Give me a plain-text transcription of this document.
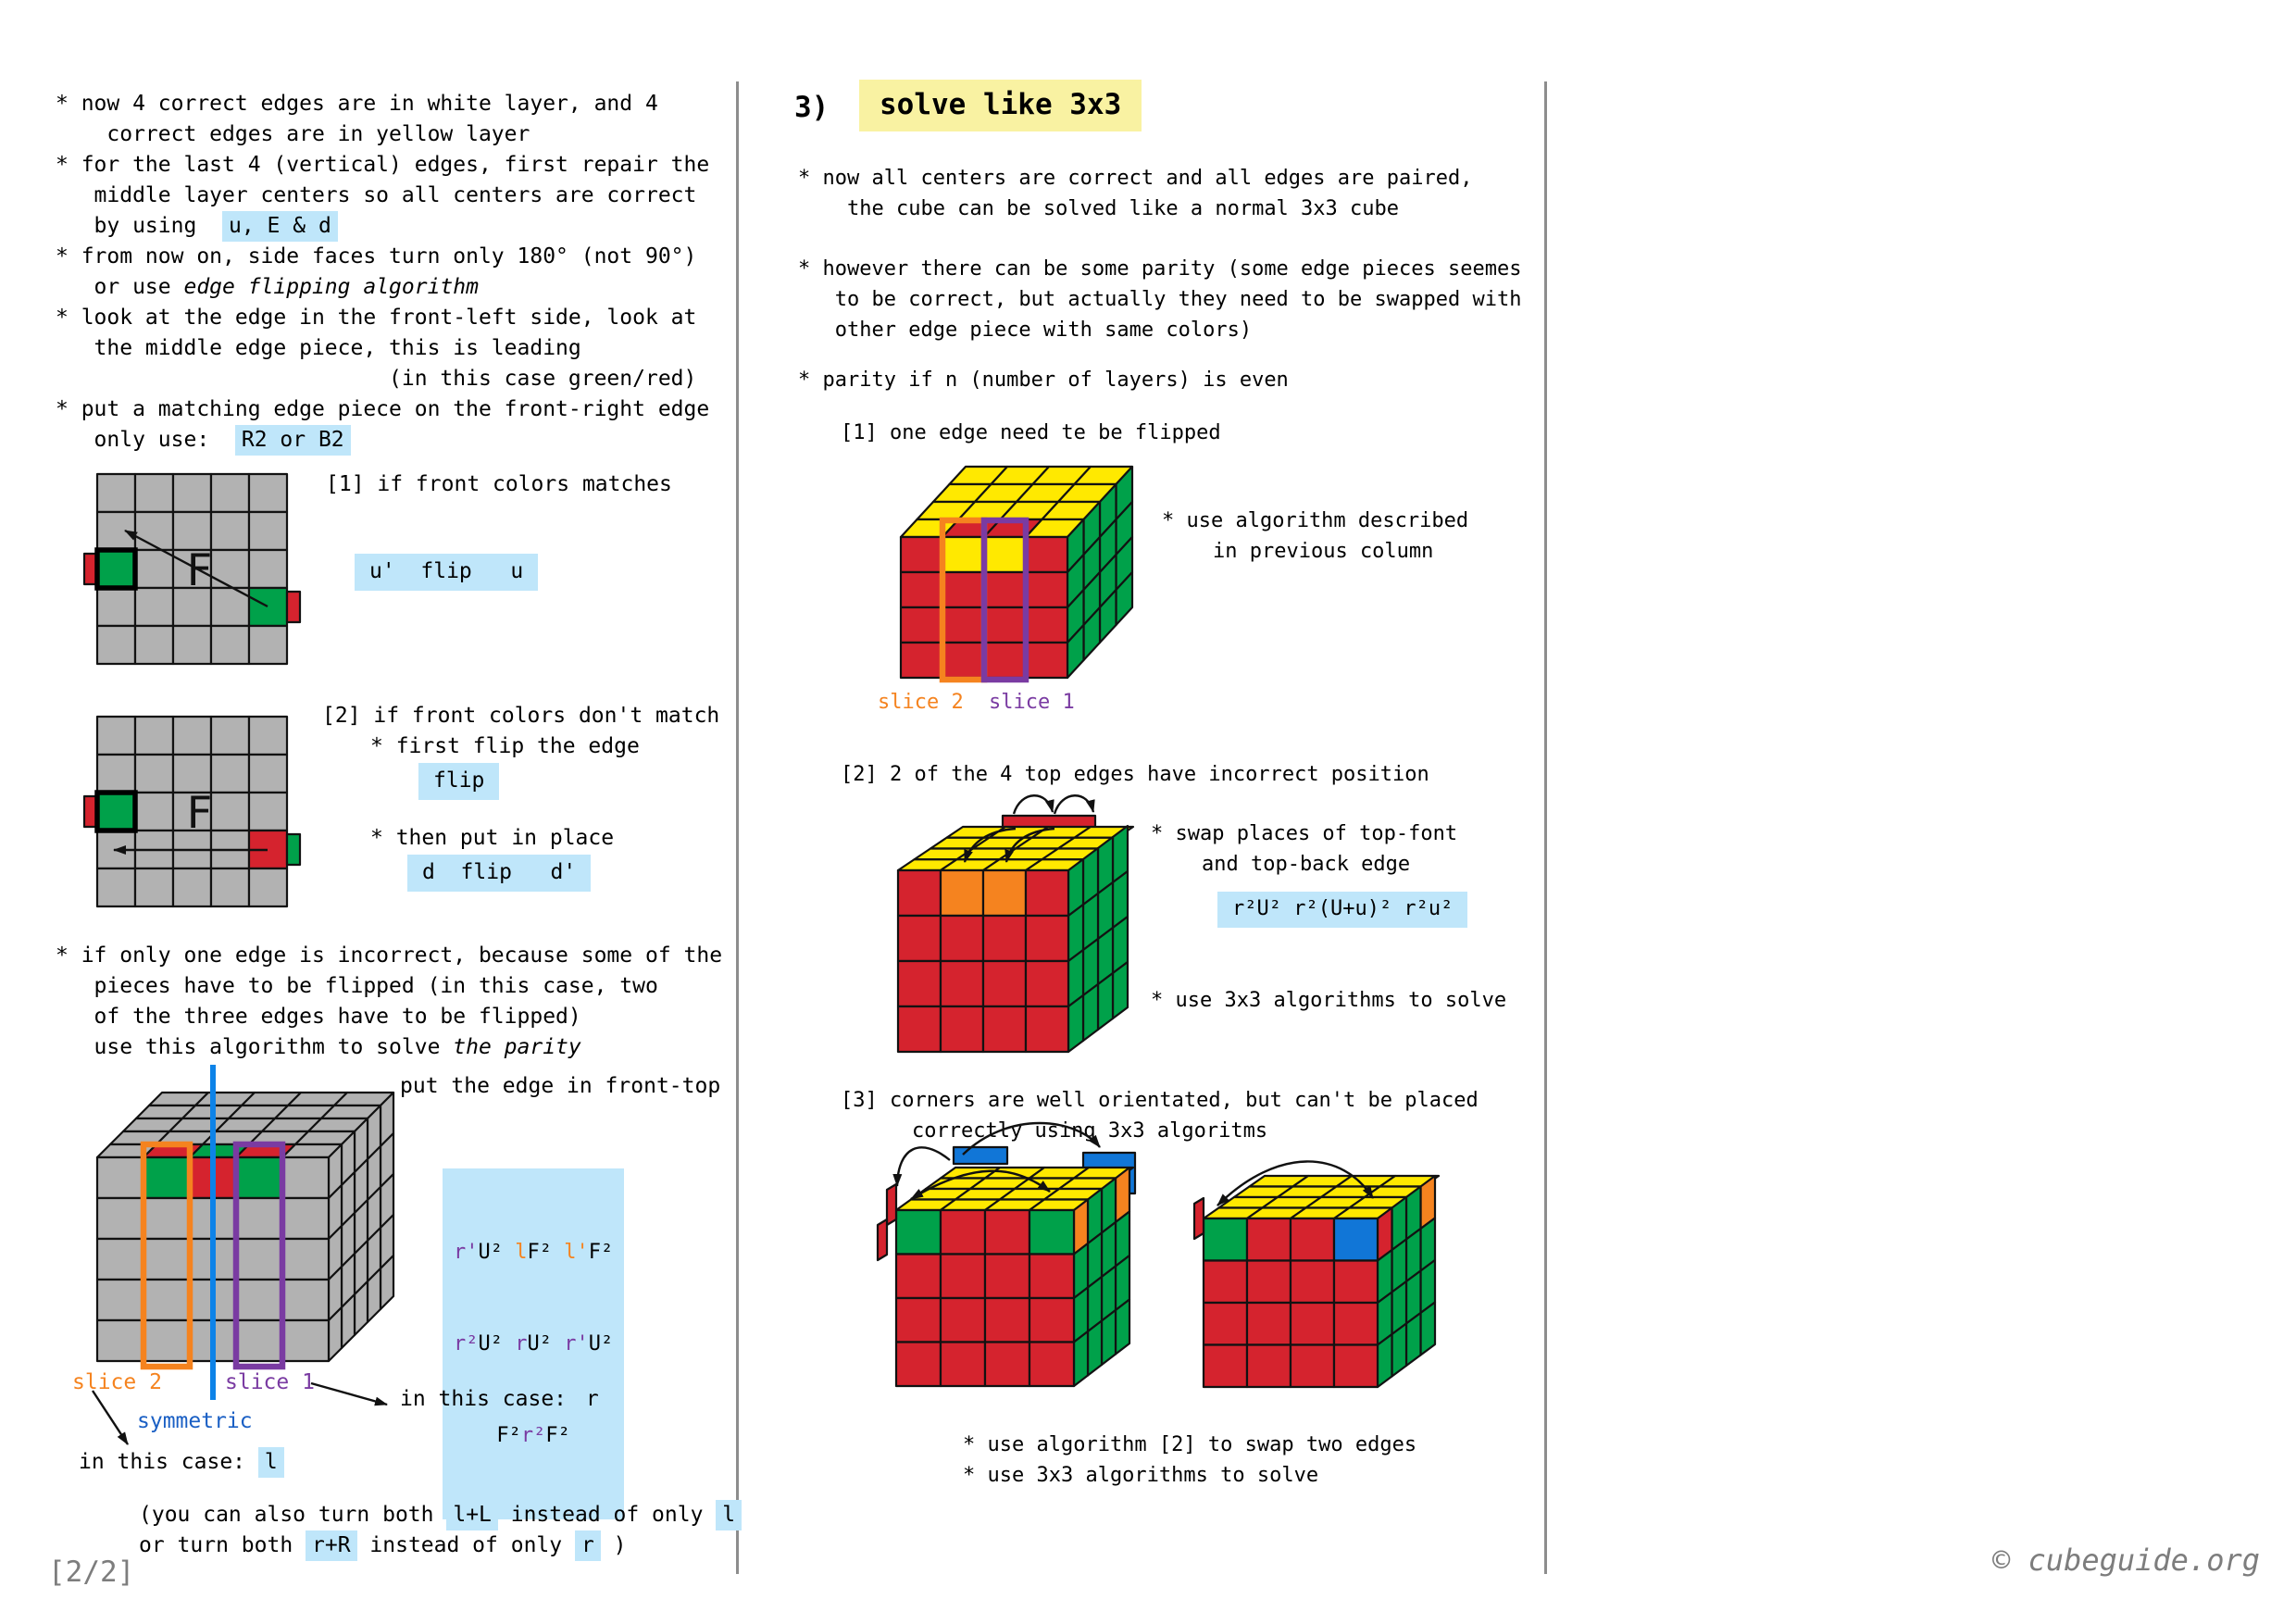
* now 4 correct edges are in white layer, and 4
correct edges are in yellow layer
* for the last 4 (vertical) edges, first repair the
middle layer centers so all centers are correct
by using  u, E & d
* from now on, side faces turn only 180° (not 90°)
or use edge flipping algorithm
* look at the edge in the front-left side, look at
the middle edge piece, this is leading
(in this case green/red)
* put a matching edge piece on the front-right edge
only use:  R2 or B2
F
[1] if front colors matches
u'  flip   u
F
[2] if front colors don't match
* first flip the edge
flip
* then put in place
d  flip   d'
* if only one edge is incorrect, because some of the
pieces have to be flipped (in this case, two
of the three edges have to be flipped)
use this algorithm to solve the parity
put the edge in front-top

r'U² lF² l'F²

r²U² rU² r'U²

F²r²F²

slice 2	slice 1
symmetric
in this case: r
in this case: l
(you can also turn both l+L instead of only l
or turn both r+R instead of only r )
3)	solve like 3x3
* now all centers are correct and all edges are paired,
the cube can be solved like a normal 3x3 cube
* however there can be some parity (some edge pieces seemes
to be correct, but actually they need to be swapped with
other edge piece with same colors)
* parity if n (number of layers) is even
[1] one edge need te be flipped
slice 2 slice 1
* use algorithm described
in previous column
[2] 2 of the 4 top edges have incorrect position
* swap places of top-font
and top-back edge
r²U² r²(U+u)² r²u²
* use 3x3 algorithms to solve
[3] corners are well orientated, but can't be placed
correctly using 3x3 algoritms
* use algorithm [2] to swap two edges
* use 3x3 algorithms to solve
[2/2]	© cubeguide.org
